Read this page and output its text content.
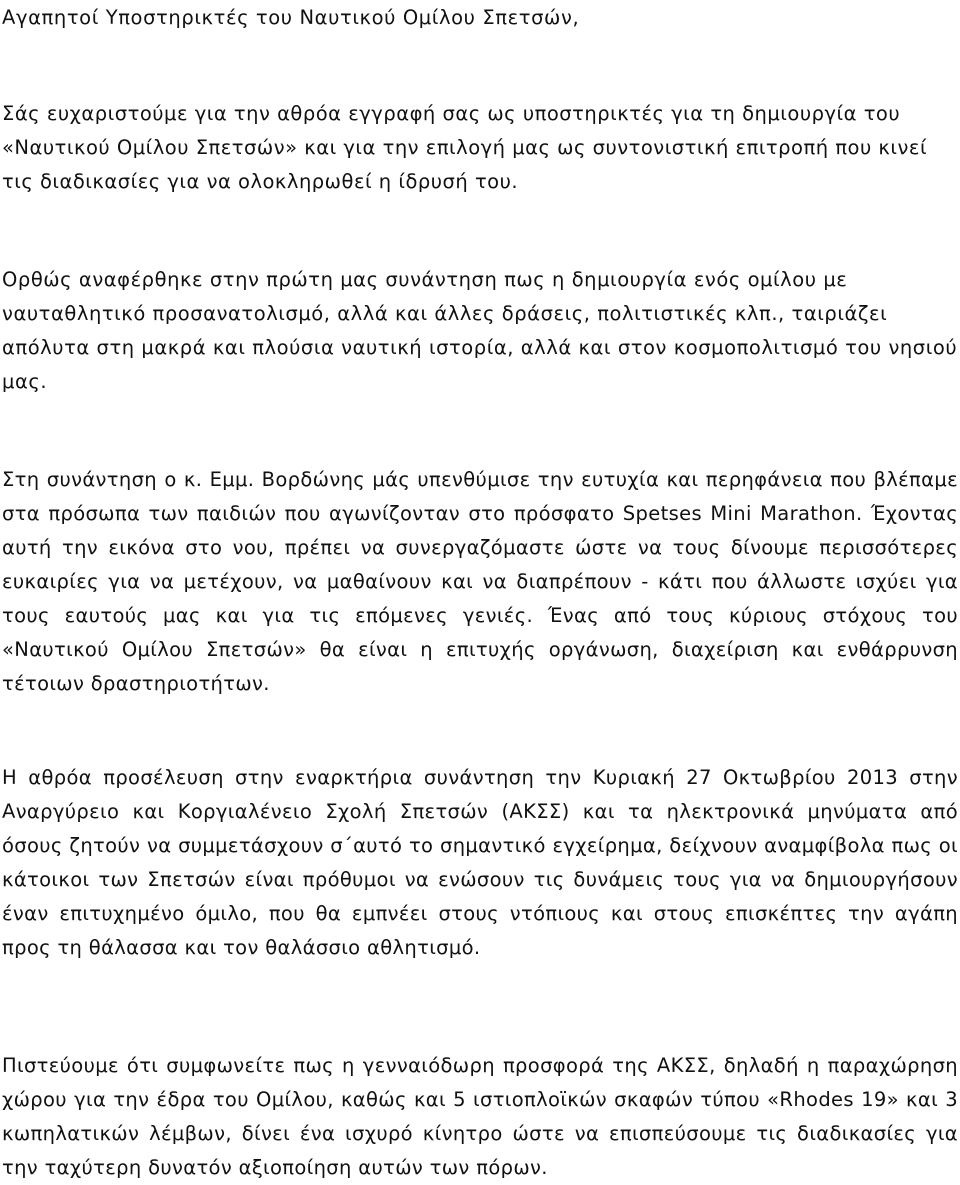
Αγαπητοί Υποστηρικτές του Ναυτικού Ομίλου Σπετσών,

Σάς ευχαριστούμε για την αθρόα εγγραφή σας ως υποστηρικτές για τη δημιουργία του «Ναυτικού Ομίλου Σπετσών» και για την επιλογή μας ως συντονιστική επιτροπή που κινεί τις διαδικασίες για να ολοκληρωθεί η ίδρυσή του.

Ορθώς αναφέρθηκε στην πρώτη μας συνάντηση πως η δημιουργία ενός ομίλου με ναυταθλητικό προσανατολισμό, αλλά και άλλες δράσεις, πολιτιστικές κλπ., ταιριάζει απόλυτα στη μακρά και πλούσια ναυτική ιστορία, αλλά και στον κοσμοπολιτισμό του νησιού μας.

Στη συνάντηση ο κ. Εμμ. Βορδώνης μάς υπενθύμισε την ευτυχία και περηφάνεια που βλέπαμε στα πρόσωπα των παιδιών που αγωνίζονταν στο πρόσφατο Spetses Mini Marathon. Έχοντας αυτή την εικόνα στο νου, πρέπει να συνεργαζόμαστε ώστε να τους δίνουμε περισσότερες ευκαιρίες για να μετέχουν, να μαθαίνουν και να διαπρέπουν - κάτι που άλλωστε ισχύει για τους εαυτούς μας και για τις επόμενες γενιές. Ένας από τους κύριους στόχους του «Ναυτικού Ομίλου Σπετσών» θα είναι η επιτυχής οργάνωση, διαχείριση και ενθάρρυνση τέτοιων δραστηριοτήτων.

Η αθρόα προσέλευση στην εναρκτήρια συνάντηση την Κυριακή 27 Οκτωβρίου 2013 στην Αναργύρειο και Κοργιαλένειο Σχολή Σπετσών (ΑΚΣΣ) και τα ηλεκτρονικά μηνύματα από όσους ζητούν να συμμετάσχουν σ΄αυτό το σημαντικό εγχείρημα, δείχνουν αναμφίβολα πως οι κάτοικοι των Σπετσών είναι πρόθυμοι να ενώσουν τις δυνάμεις τους για να δημιουργήσουν έναν επιτυχημένο όμιλο, που θα εμπνέει στους ντόπιους και στους επισκέπτες την αγάπη προς τη θάλασσα και τον θαλάσσιο αθλητισμό.

Πιστεύουμε ότι συμφωνείτε πως η γενναιόδωρη προσφορά της ΑΚΣΣ, δηλαδή η παραχώρηση χώρου για την έδρα του Ομίλου, καθώς και 5 ιστιοπλοϊκών σκαφών τύπου «Rhodes 19» και 3 κωπηλατικών λέμβων, δίνει ένα ισχυρό κίνητρο ώστε να επισπεύσουμε τις διαδικασίες για την ταχύτερη δυνατόν αξιοποίηση αυτών των πόρων.
